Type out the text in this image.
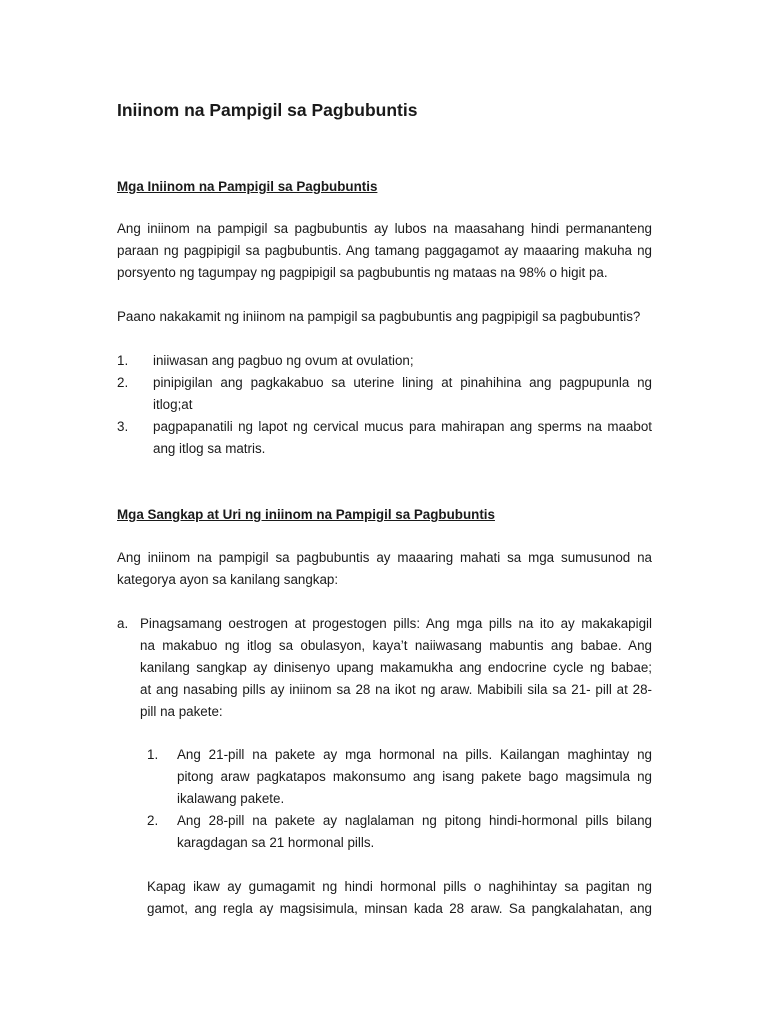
Iniinom na Pampigil sa Pagbubuntis
Mga Iniinom na Pampigil sa Pagbubuntis
Ang iniinom na pampigil sa pagbubuntis ay lubos na maasahang hindi permananteng
paraan ng pagpipigil sa pagbubuntis. Ang tamang paggagamot ay maaaring makuha ng
porsyento ng tagumpay ng pagpipigil sa pagbubuntis ng mataas na 98% o higit pa.
Paano nakakamit ng iniinom na pampigil sa pagbubuntis ang pagpipigil sa pagbubuntis?
1. iniiwasan ang pagbuo ng ovum at ovulation;
2. pinipigilan ang pagkakabuo sa uterine lining at pinahihina ang pagpupunla ng
itlog;at
3. pagpapanatili ng lapot ng cervical mucus para mahirapan ang sperms na maabot
ang itlog sa matris.
Mga Sangkap at Uri ng iniinom na Pampigil sa Pagbubuntis
Ang iniinom na pampigil sa pagbubuntis ay maaaring mahati sa mga sumusunod na
kategorya ayon sa kanilang sangkap:
a. Pinagsamang oestrogen at progestogen pills: Ang mga pills na ito ay makakapigil
na makabuo ng itlog sa obulasyon, kaya’t naiiwasang mabuntis ang babae. Ang
kanilang sangkap ay dinisenyo upang makamukha ang endocrine cycle ng babae;
at ang nasabing pills ay iniinom sa 28 na ikot ng araw. Mabibili sila sa 21- pill at 28-
pill na pakete:
1. Ang 21-pill na pakete ay mga hormonal na pills. Kailangan maghintay ng
pitong araw pagkatapos makonsumo ang isang pakete bago magsimula ng
ikalawang pakete.
2. Ang 28-pill na pakete ay naglalaman ng pitong hindi-hormonal pills bilang
karagdagan sa 21 hormonal pills.
Kapag ikaw ay gumagamit ng hindi hormonal pills o naghihintay sa pagitan ng
gamot, ang regla ay magsisimula, minsan kada 28 araw. Sa pangkalahatan, ang
